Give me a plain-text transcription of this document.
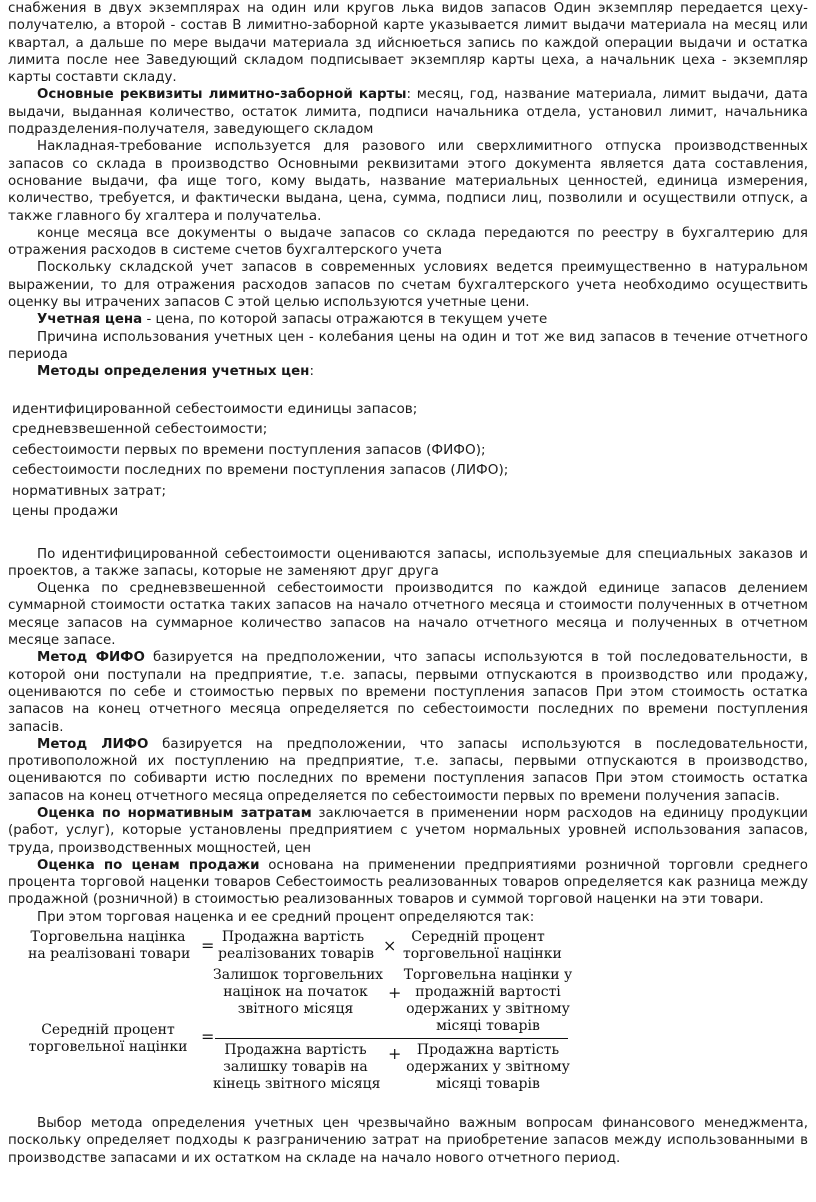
снабжения в двух экземплярах на один или кругов лька видов запасов Один экземпляр передается цеху-получателю, а второй - состав В лимитно-заборной карте указывается лимит выдачи материала на месяц или квартал, а дальше по мере выдачи материала зд ийснюеться запись по каждой операции выдачи и остатка лимита после нее Заведующий складом подписывает экземпляр карты цеха, а начальник цеха - экземпляр карты составти складу.

Основные реквизиты лимитно-заборной карты: месяц, год, название материала, лимит выдачи, дата выдачи, выданная количество, остаток лимита, подписи начальника отдела, установил лимит, начальника подразделения-получателя, заведующего складом

Накладная-требование используется для разового или сверхлимитного отпуска производственных запасов со склада в производство Основными реквизитами этого документа является дата составления, основание выдачи, фа ище того, кому выдать, название материальных ценностей, единица измерения, количество, требуется, и фактически выдана, цена, сумма, подписи лиц, позволили и осуществили отпуск, а также главного бу хгалтера и получательа.

конце месяца все документы о выдаче запасов со склада передаются по реестру в бухгалтерию для отражения расходов в системе счетов бухгалтерского учета

Поскольку складской учет запасов в современных условиях ведется преимущественно в натуральном выражении, то для отражения расходов запасов по счетам бухгалтерского учета необходимо осуществить оценку вы итрачених запасов С этой целью используются учетные цени.

Учетная цена - цена, по которой запасы отражаются в текущем учете

Причина использования учетных цен - колебания цены на один и тот же вид запасов в течение отчетного периода

Методы определения учетных цен:

идентифицированной себестоимости единицы запасов;
средневзвешенной себестоимости;
себестоимости первых по времени поступления запасов (ФИФО);
себестоимости последних по времени поступления запасов (ЛИФО);
нормативных затрат;
цены продажи

По идентифицированной себестоимости оцениваются запасы, используемые для специальных заказов и проектов, а также запасы, которые не заменяют друг друга

Оценка по средневзвешенной себестоимости производится по каждой единице запасов делением суммарной стоимости остатка таких запасов на начало отчетного месяца и стоимости полученных в отчетном месяце запасов на суммарное количество запасов на начало отчетного месяца и полученных в отчетном месяце запасе.

Метод ФИФО базируется на предположении, что запасы используются в той последовательности, в которой они поступали на предприятие, т.е. запасы, первыми отпускаются в производство или продажу, оцениваются по себе и стоимостью первых по времени поступления запасов При этом стоимость остатка запасов на конец отчетного месяца определяется по себестоимости последних по времени поступления запасів.

Метод ЛИФО базируется на предположении, что запасы используются в последовательности, противоположной их поступлению на предприятие, т.е. запасы, первыми отпускаются в производство, оцениваются по собиварти истю последних по времени поступления запасов При этом стоимость остатка запасов на конец отчетного месяца определяется по себестоимости первых по времени получения запасів.

Оценка по нормативным затратам заключается в применении норм расходов на единицу продукции (работ, услуг), которые установлены предприятием с учетом нормальных уровней использования запасов, труда, производственных мощностей, цен

Оценка по ценам продажи основана на применении предприятиями розничной торговли среднего процента торговой наценки товаров Себестоимость реализованных товаров определяется как разница между продажной (розничной) в стоимостью реализованных товаров и суммой торговой наценки на эти товари.

При этом торговая наценка и ее средний процент определяются так:

Торговельна націнка
на реалізовані товари = Продажна вартість
реалізованих товарів ×	Середній процент
торговельної націнки
Середній процент
торговельної націнки
=
Залишок торговельних
націнок на початок
звітного місяця
+
Торговельна націнки у
продажній вартості
одержаних у звітному
місяці товарів
Продажна вартість
залишку товарів на
кінець звітного місяця
+	Продажна вартість
одержаних у звітному
місяці товарів

Выбор метода определения учетных цен чрезвычайно важным вопросам финансового менеджмента, поскольку определяет подходы к разграничению затрат на приобретение запасов между использованными в производстве запасами и их остатком на складе на начало нового отчетного период.
